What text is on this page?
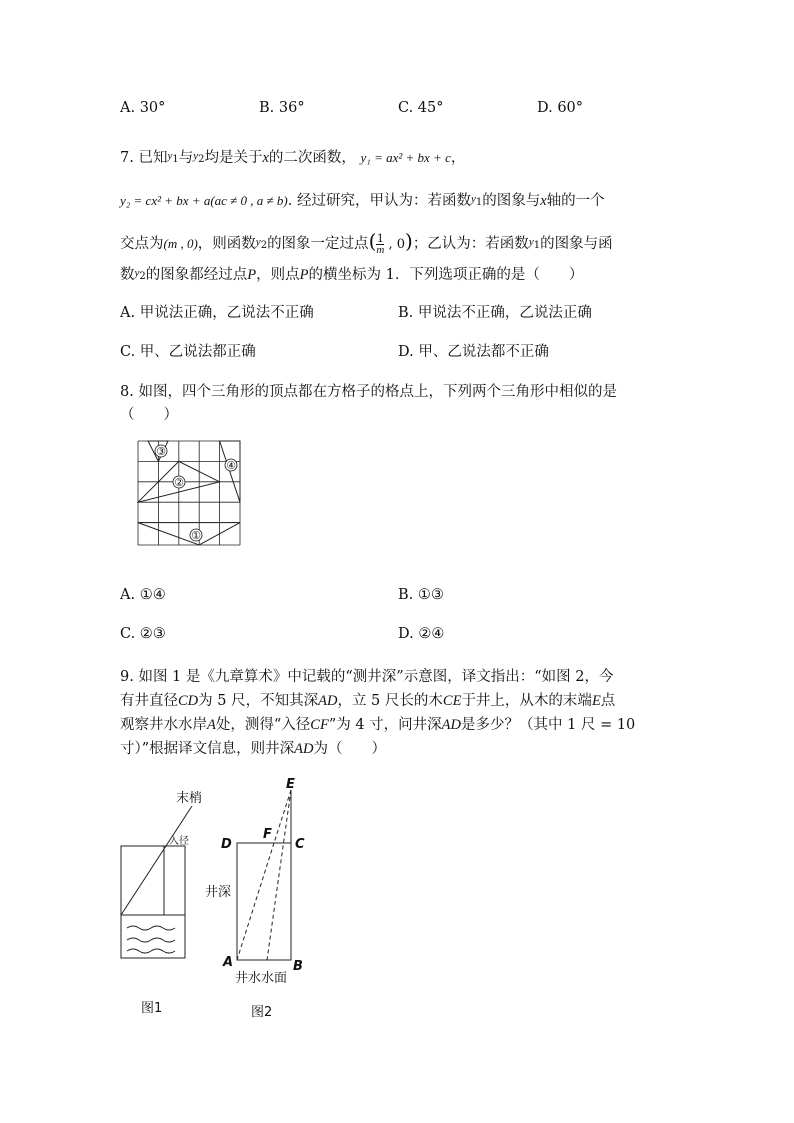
A. 30°	B. 36°	C. 45°	D. 60°
7. 已知$^y$1与$^y$2均是关于x的二次函数， y₁ = ax² + bx + c，
y₂ = cx² + bx + a(ac ≠ 0 , a ≠ b). 经过研究，甲认为：若函数$^y$1的图象与x轴的一个
交点为(m , 0)，则函数$^y$2的图象一定过点( $\frac{1}{m}$ , 0)；乙认为：若函数$^y$1的图象与函
数$^y$2的图象都经过点P，则点P的横坐标为 1．下列选项正确的是（　　）
A. 甲说法正确，乙说法不正确	B. 甲说法不正确，乙说法正确
C. 甲、乙说法都正确	D. 甲、乙说法都不正确
8. 如图，四个三角形的顶点都在方格子的格点上，下列两个三角形中相似的是
（　　）
③
②
④
①
A. ①④	B. ①③
C. ②③	D. ②④
9. 如图 1 是《九章算术》中记载的“测井深”示意图，译文指出：“如图 2，今
有井直径CD为 5 尺，不知其深AD，立 5 尺长的木CE于井上，从木的末端E点
观察井水水岸A处，测得“入径CF”为 4 寸，问井深AD是多少？（其中 1 尺 = 10
寸）”根据译文信息，则井深AD为（　　）
末梢
入径
图1
E
D
F
C
A	B
井深
井水水面
图2
